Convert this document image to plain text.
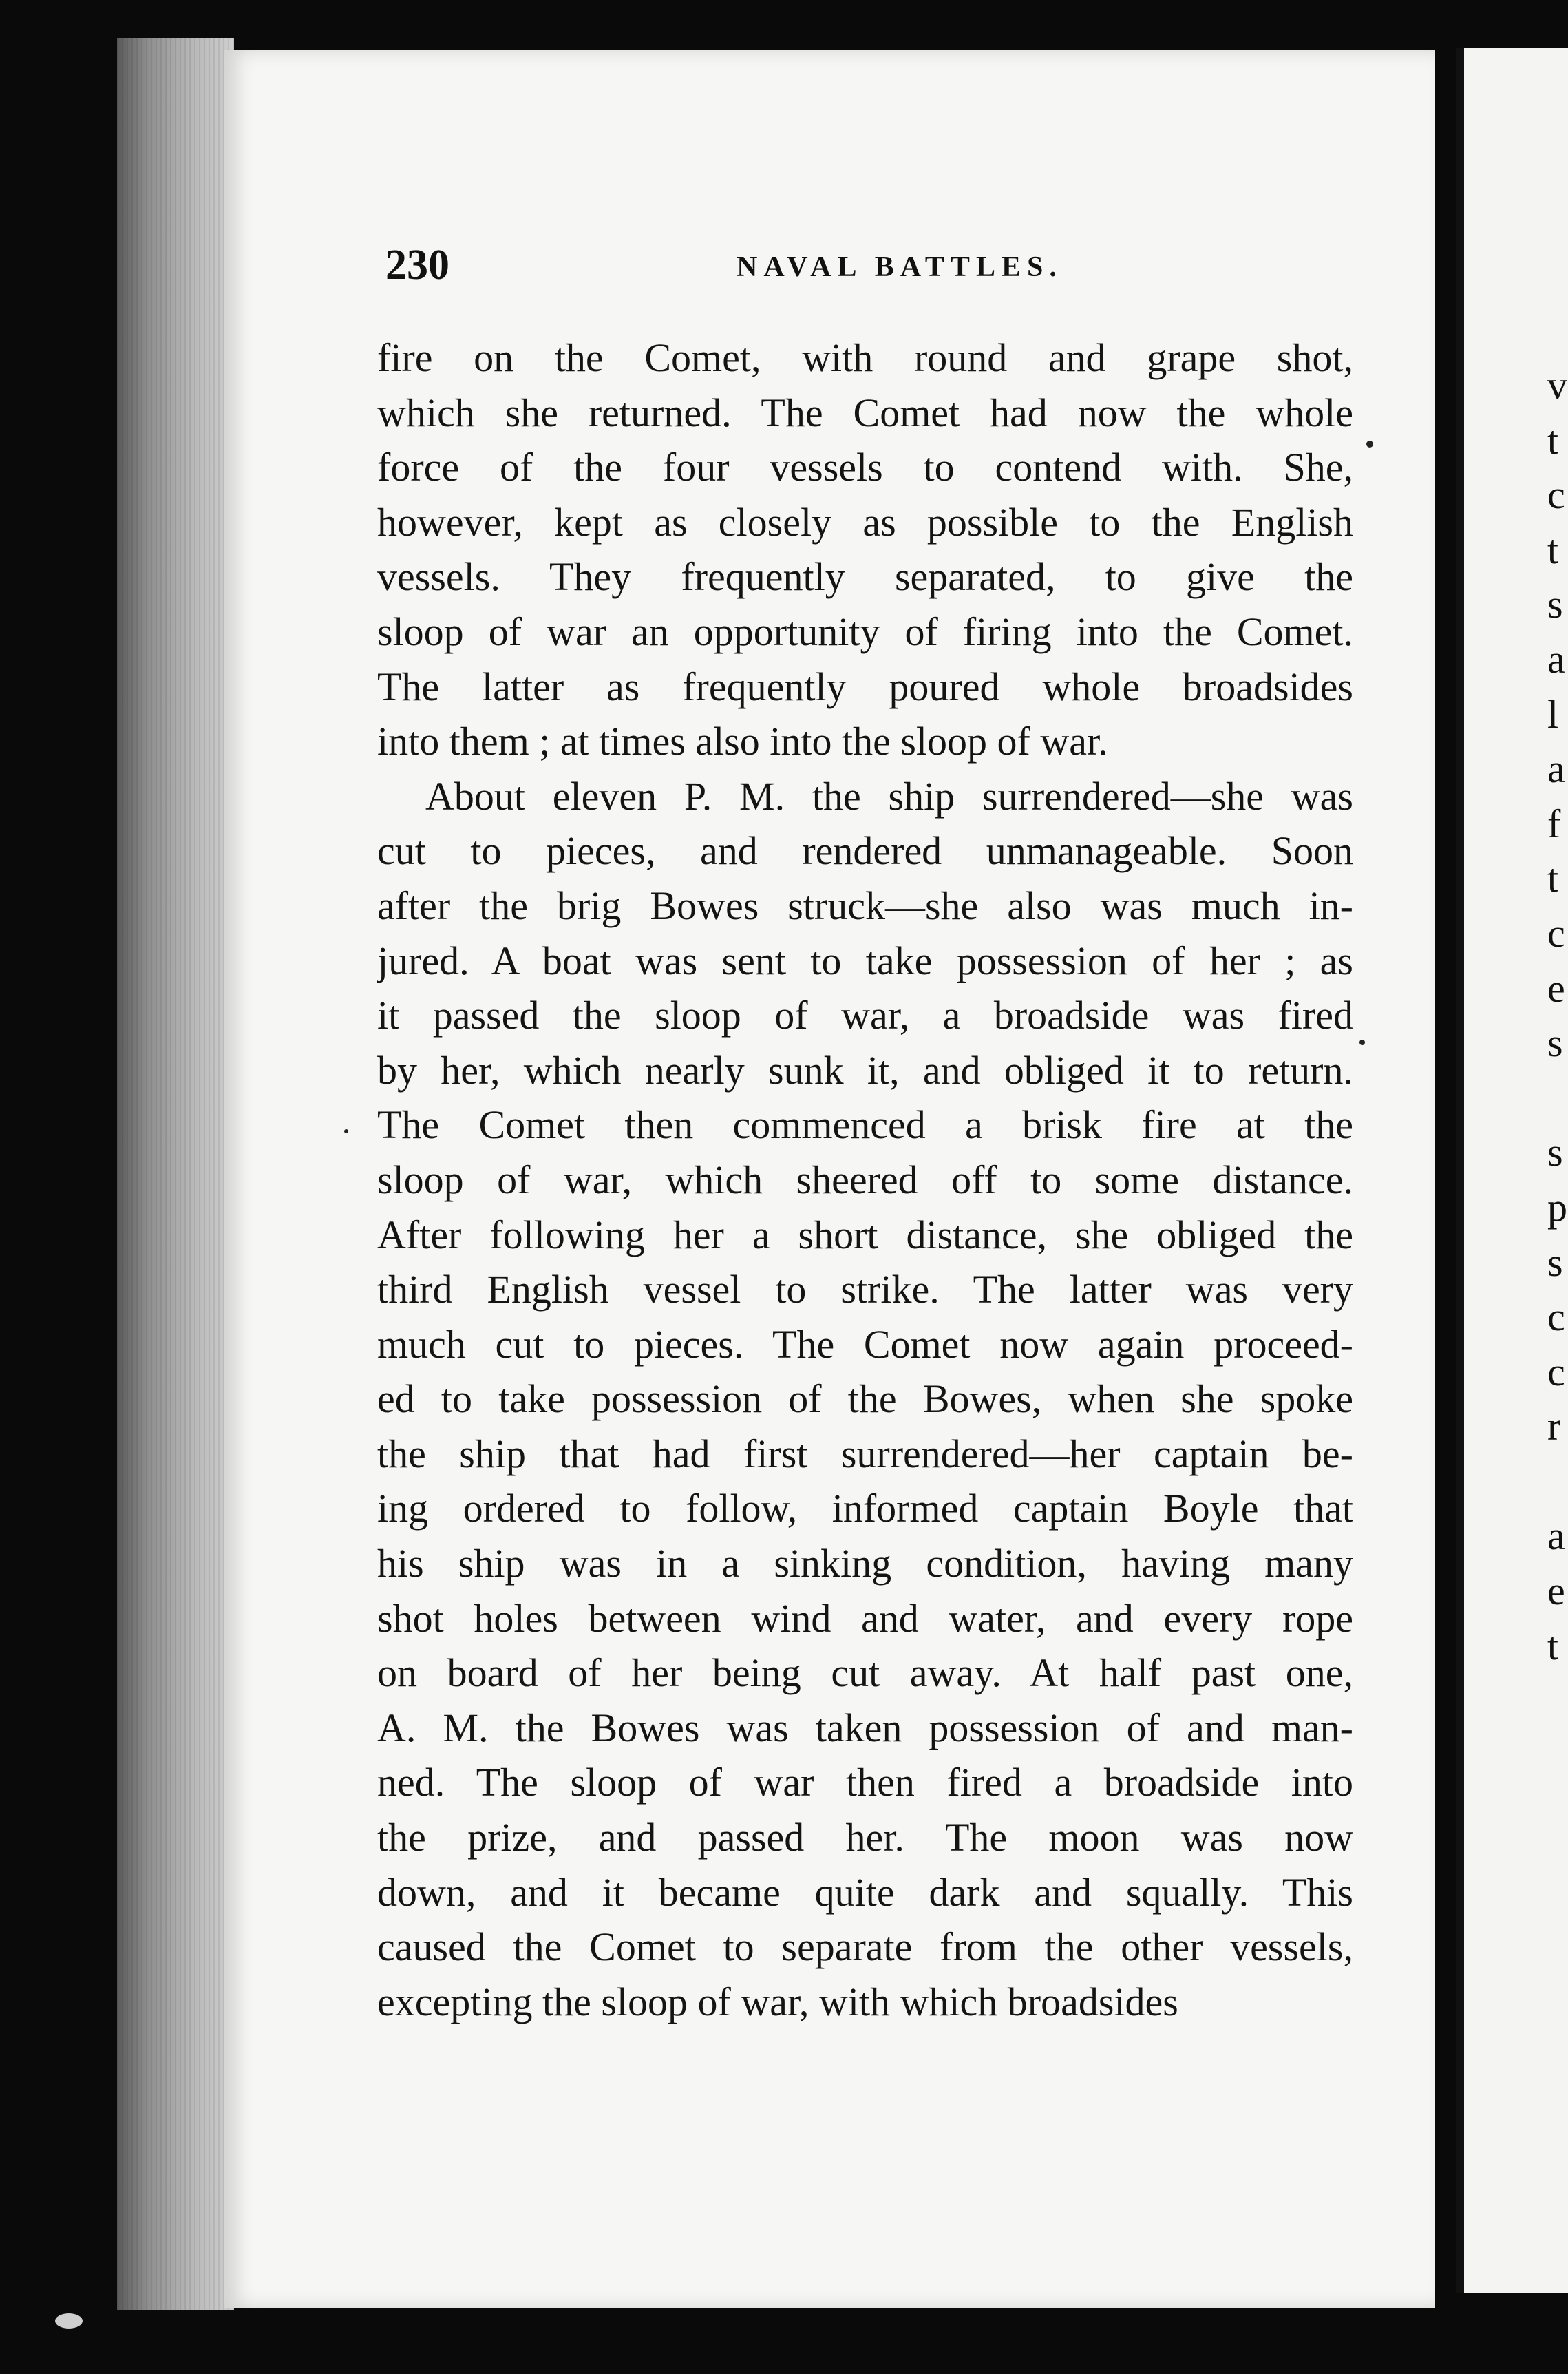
230	NAVAL BATTLES.
fire on the Comet, with round and grape shot,
which she returned. The Comet had now the whole
force of the four vessels to contend with. She,
however, kept as closely as possible to the English
vessels. They frequently separated, to give the
sloop of war an opportunity of firing into the Comet.
The latter as frequently poured whole broadsides
into them ; at times also into the sloop of war.
About eleven P. M. the ship surrendered—she was
cut to pieces, and rendered unmanageable. Soon
after the brig Bowes struck—she also was much in-
jured. A boat was sent to take possession of her ; as
it passed the sloop of war, a broadside was fired
by her, which nearly sunk it, and obliged it to return.
The Comet then commenced a brisk fire at the
sloop of war, which sheered off to some distance.
After following her a short distance, she obliged the
third English vessel to strike. The latter was very
much cut to pieces. The Comet now again proceed-
ed to take possession of the Bowes, when she spoke
the ship that had first surrendered—her captain be-
ing ordered to follow, informed captain Boyle that
his ship was in a sinking condition, having many
shot holes between wind and water, and every rope
on board of her being cut away. At half past one,
A. M. the Bowes was taken possession of and man-
ned. The sloop of war then fired a broadside into
the prize, and passed her. The moon was now
down, and it became quite dark and squally. This
caused the Comet to separate from the other vessels,
excepting the sloop of war, with which broadsides
v
t
c
t
s
a
l
a
f
t
c
e
s
s
p
s
c
c
r
a
e
t
